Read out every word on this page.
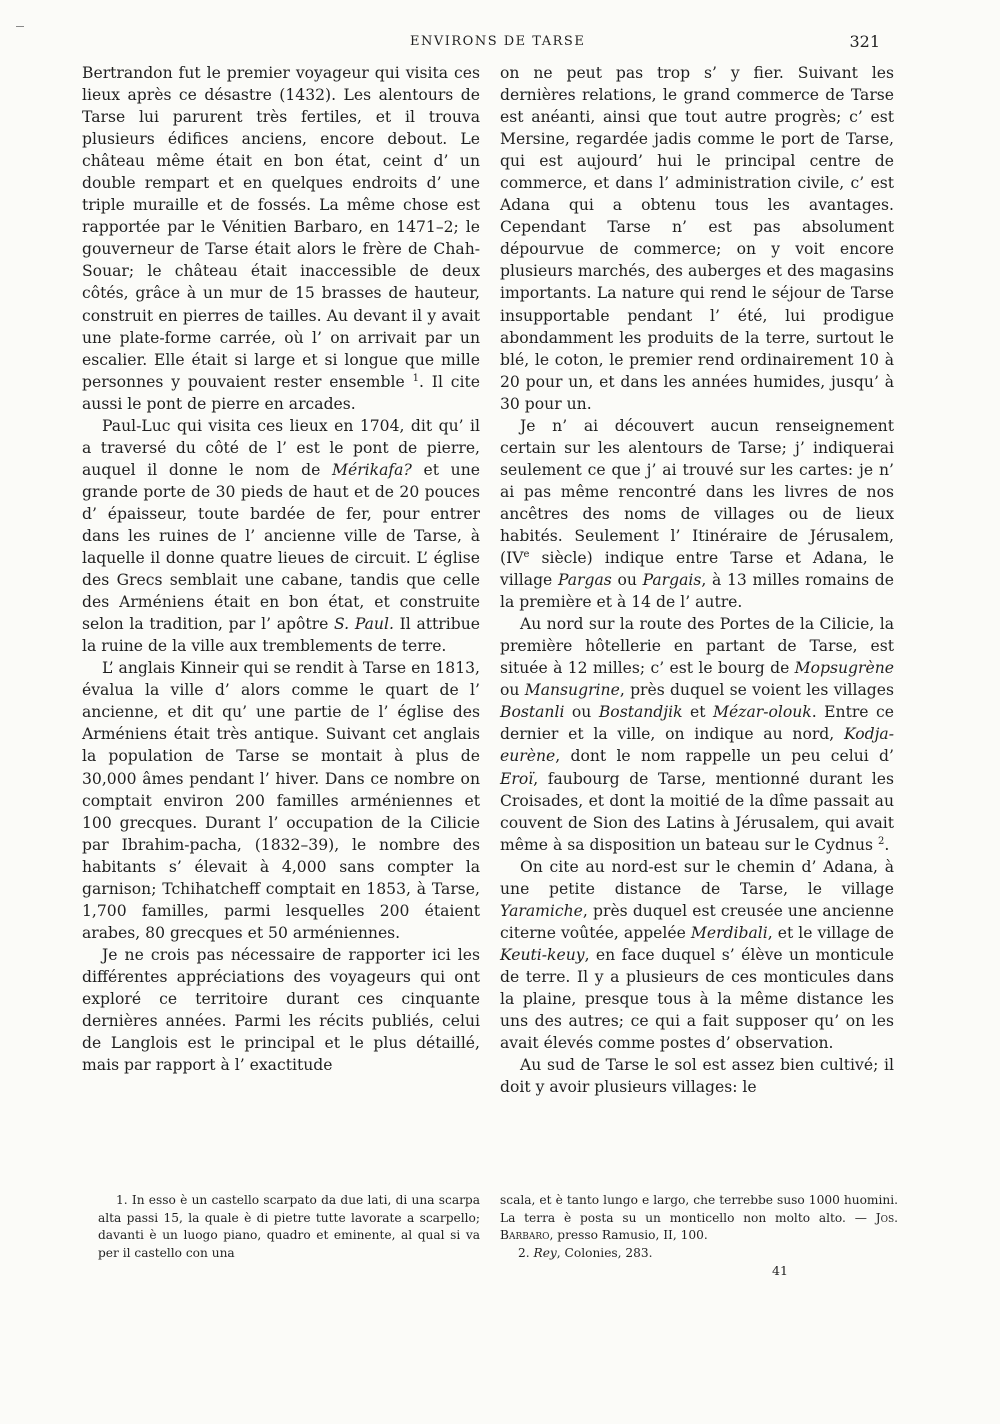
ENVIRONS DE TARSE	321

Bertrandon fut le premier voyageur qui visita ces lieux après ce désastre (1432). Les alentours de Tarse lui parurent très fertiles, et il trouva plusieurs édifices anciens, encore debout. Le château même était en bon état, ceint d’ un double rempart et en quelques endroits d’ une triple muraille et de fossés. La même chose est rapportée par le Vénitien Barbaro, en 1471–2; le gouverneur de Tarse était alors le frère de Chah-Souar; le château était inaccessible de deux côtés, grâce à un mur de 15 brasses de hauteur, construit en pierres de tailles. Au devant il y avait une plate-forme carrée, où l’ on arrivait par un escalier. Elle était si large et si longue que mille personnes y pouvaient rester ensemble $^1$. Il cite aussi le pont de pierre en arcades.

Paul-Luc qui visita ces lieux en 1704, dit qu’ il a traversé du côté de l’ est le pont de pierre, auquel il donne le nom de Mérikafa? et une grande porte de 30 pieds de haut et de 20 pouces d’ épaisseur, toute bardée de fer, pour entrer dans les ruines de l’ ancienne ville de Tarse, à laquelle il donne quatre lieues de circuit. L’ église des Grecs semblait une cabane, tandis que celle des Arméniens était en bon état, et construite selon la tradition, par l’ apôtre S. Paul. Il attribue la ruine de la ville aux tremblements de terre.

L’ anglais Kinneir qui se rendit à Tarse en 1813, évalua la ville d’ alors comme le quart de l’ ancienne, et dit qu’ une partie de l’ église des Arméniens était très antique. Suivant cet anglais la population de Tarse se montait à plus de 30,000 âmes pendant l’ hiver. Dans ce nombre on comptait environ 200 familles arméniennes et 100 grecques. Durant l’ occupation de la Cilicie par Ibrahim-pacha, (1832–39), le nombre des habitants s’ élevait à 4,000 sans compter la garnison; Tchihatcheff comptait en 1853, à Tarse, 1,700 familles, parmi lesquelles 200 étaient arabes, 80 grecques et 50 arméniennes.

Je ne crois pas nécessaire de rapporter ici les différentes appréciations des voyageurs qui ont exploré ce territoire durant ces cinquante dernières années. Parmi les récits publiés, celui de Langlois est le principal et le plus détaillé, mais par rapport à l’ exactitude

on ne peut pas trop s’ y fier. Suivant les dernières relations, le grand commerce de Tarse est anéanti, ainsi que tout autre progrès; c’ est Mersine, regardée jadis comme le port de Tarse, qui est aujourd’ hui le principal centre de commerce, et dans l’ administration civile, c’ est Adana qui a obtenu tous les avantages. Cependant Tarse n’ est pas absolument dépourvue de commerce; on y voit encore plusieurs marchés, des auberges et des magasins importants. La nature qui rend le séjour de Tarse insupportable pendant l’ été, lui prodigue abondamment les produits de la terre, surtout le blé, le coton, le premier rend ordinairement 10 à 20 pour un, et dans les années humides, jusqu’ à 30 pour un.

Je n’ ai découvert aucun renseignement certain sur les alentours de Tarse; j’ indiquerai seulement ce que j’ ai trouvé sur les cartes: je n’ ai pas même rencontré dans les livres de nos ancêtres des noms de villages ou de lieux habités. Seulement l’ Itinéraire de Jérusalem, (IVe siècle) indique entre Tarse et Adana, le village Pargas ou Pargais, à 13 milles romains de la première et à 14 de l’ autre.

Au nord sur la route des Portes de la Cilicie, la première hôtellerie en partant de Tarse, est située à 12 milles; c’ est le bourg de Mopsugrène ou Mansugrine, près duquel se voient les villages Bostanli ou Bostandjik et Mézar-olouk. Entre ce dernier et la ville, on indique au nord, Kodja-eurène, dont le nom rappelle un peu celui d’ Eroï, faubourg de Tarse, mentionné durant les Croisades, et dont la moitié de la dîme passait au couvent de Sion des Latins à Jérusalem, qui avait même à sa disposition un bateau sur le Cydnus $^2$.

On cite au nord-est sur le chemin d’ Adana, à une petite distance de Tarse, le village Yaramiche, près duquel est creusée une ancienne citerne voûtée, appelée Merdibali, et le village de Keuti-keuy, en face duquel s’ élève un monticule de terre. Il y a plusieurs de ces monticules dans la plaine, presque tous à la même distance les uns des autres; ce qui a fait supposer qu’ on les avait élevés comme postes d’ observation.

Au sud de Tarse le sol est assez bien cultivé; il doit y avoir plusieurs villages: le

1. In esso è un castello scarpato da due lati, di una scarpa alta passi 15, la quale è di pietre tutte lavorate a scarpello; davanti è un luogo piano, quadro et eminente, al qual si va per il castello con una

scala, et è tanto lungo e largo, che terrebbe suso 1000 huomini. La terra è posta su un monticello non molto alto. — Jos. Barbaro, presso Ramusio, II, 100.

2. Rey, Colonies, 283.

41
